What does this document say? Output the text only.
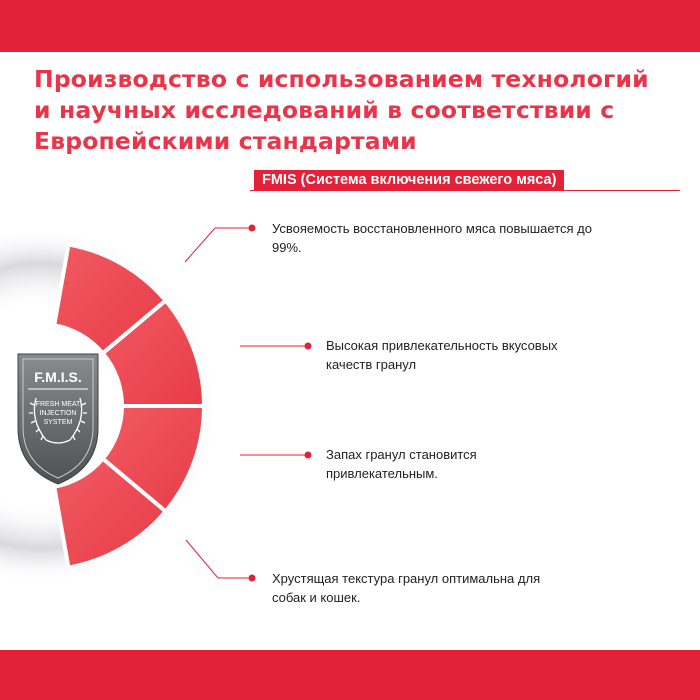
Производство с использованием технологий
и научных исследований в соответствии с
Европейскими стандартами
FMIS (Система включения свежего мяса)
F.M.I.S.
FRESH MEAT
INJECTION
SYSTEM
Усвояемость восстановленного мяса повышается до
99%.
Высокая привлекательность вкусовых
качеств гранул
Запах гранул становится
привлекательным.
Хрустящая текстура гранул оптимальна для
собак и кошек.
